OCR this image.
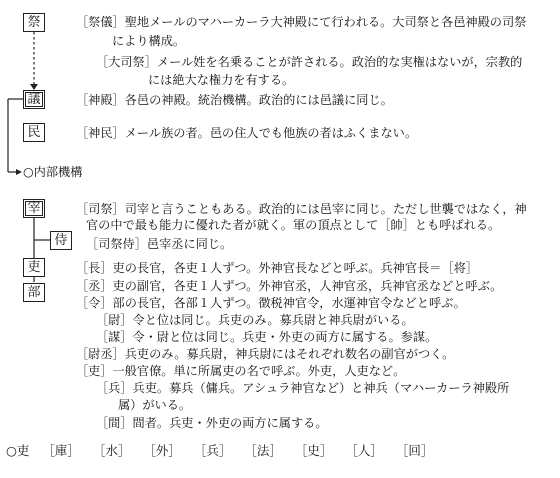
祭
議
民
宰
侍
吏
部
［祭儀］聖地メールのマハーカーラ大神殿にて行われる。大司祭と各邑神殿の司祭
により構成。
［大司祭］メール姓を名乗ることが許される。政治的な実権はないが，宗教的
には絶大な権力を有する。
［神殿］各邑の神殿。統治機構。政治的には邑議に同じ。
［神民］メール族の者。邑の住人でも他族の者はふくまない。
○内部機構
［司祭］司宰と言うこともある。政治的には邑宰に同じ。ただし世襲ではなく，神
官の中で最も能力に優れた者が就く。軍の頂点として［帥］とも呼ばれる。
［司祭侍］邑宰丞に同じ。
［長］吏の長官，各吏１人ずつ。外神官長などと呼ぶ。兵神官長＝［将］
［丞］吏の副官，各吏１人ずつ。外神官丞，人神官丞，兵神官丞などと呼ぶ。
［令］部の長官，各部１人ずつ。徴税神官令，水運神官令などと呼ぶ。
［尉］令と位は同じ。兵吏のみ。募兵尉と神兵尉がいる。
［謀］令・尉と位は同じ。兵吏・外吏の両方に属する。参謀。
［尉丞］兵吏のみ。募兵尉，神兵尉にはそれぞれ数名の副官がつく。
［吏］一般官僚。単に所属吏の名で呼ぶ。外吏，人吏など。
［兵］兵吏。募兵（傭兵。アシュラ神官など）と神兵（マハーカーラ神殿所
属）がいる。
［間］間者。兵吏・外吏の両方に属する。
○吏 ［庫］ ［水］ ［外］ ［兵］ ［法］ ［史］ ［人］ ［回］
